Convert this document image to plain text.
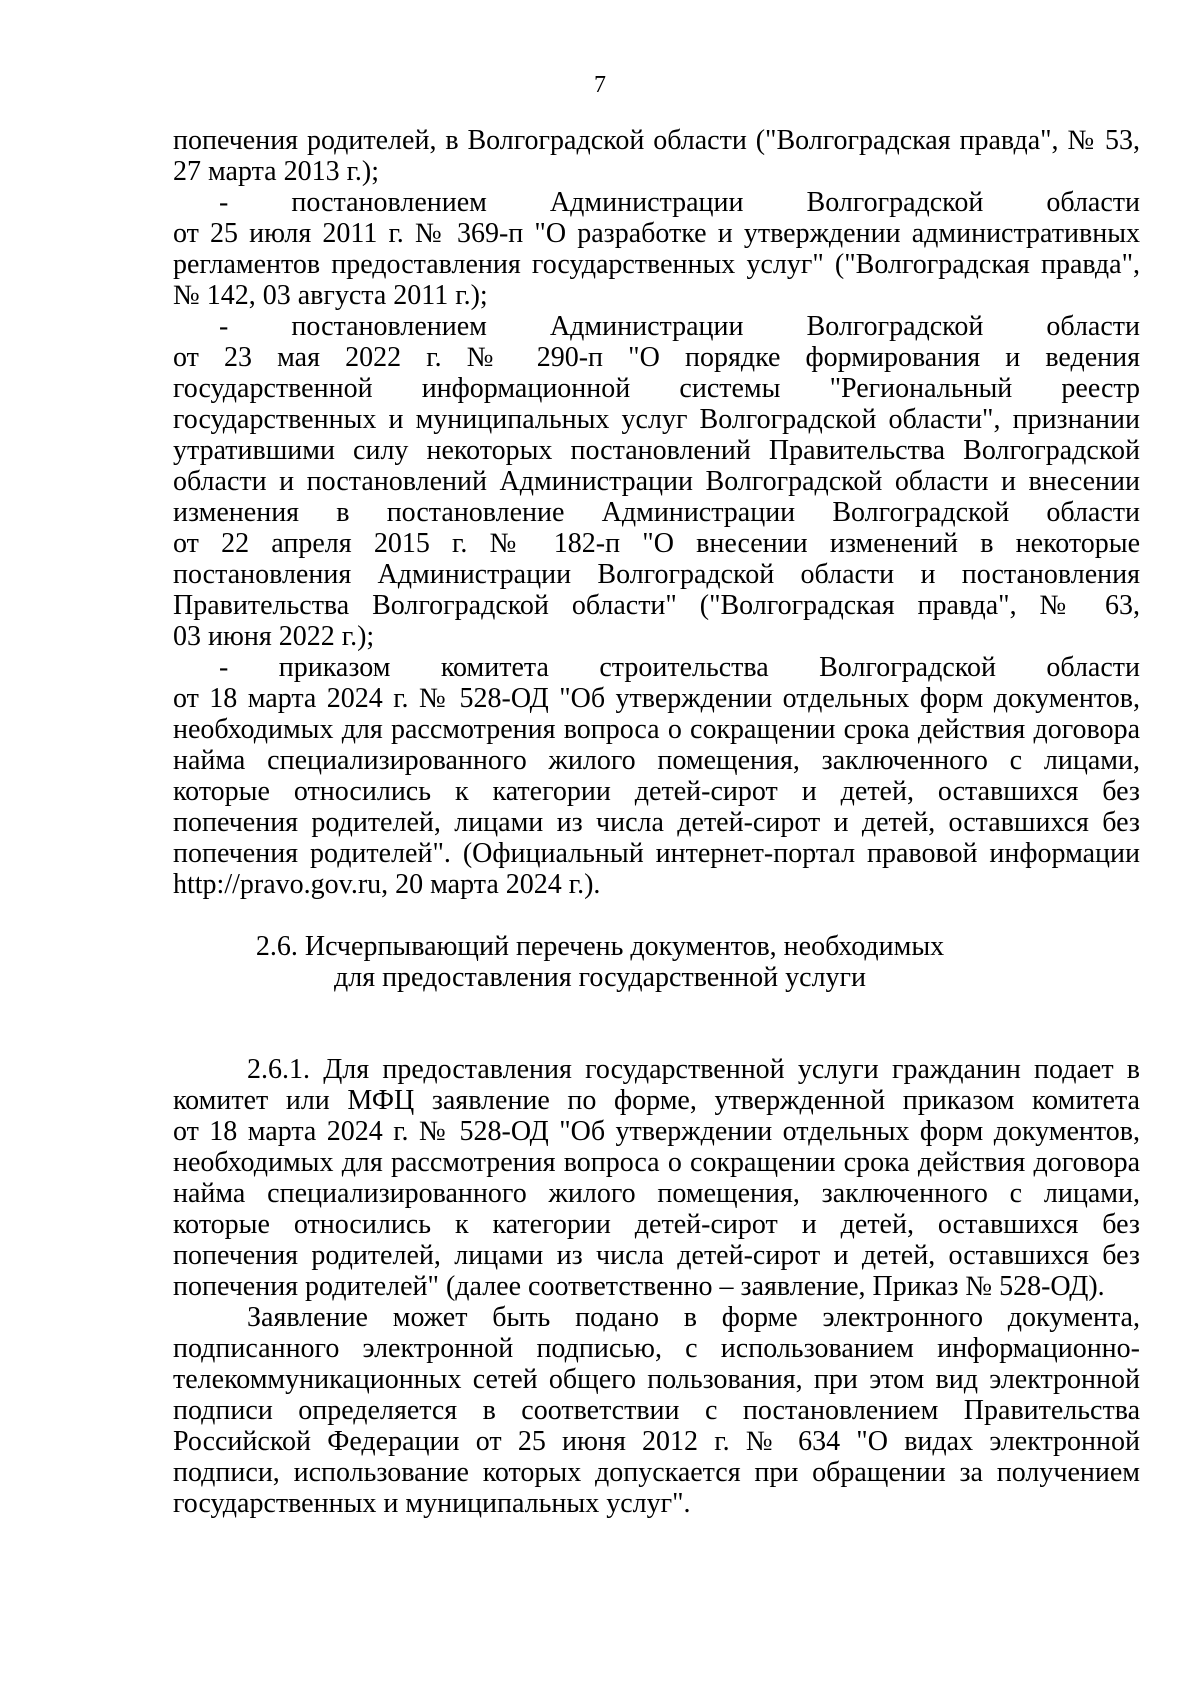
7
попечения родителей, в Волгоградской области ("Волгоградская правда", № 53,
27 марта 2013 г.);
- постановлением Администрации Волгоградской области
от 25 июля 2011 г. № 369-п "О разработке и утверждении административных
регламентов предоставления государственных услуг" ("Волгоградская правда",
№ 142, 03 августа 2011 г.);
- постановлением Администрации Волгоградской области
от 23 мая 2022 г. № 290-п "О порядке формирования и ведения
государственной информационной системы "Региональный реестр
государственных и муниципальных услуг Волгоградской области", признании
утратившими силу некоторых постановлений Правительства Волгоградской
области и постановлений Администрации Волгоградской области и внесении
изменения в постановление Администрации Волгоградской области
от 22 апреля 2015 г. № 182-п "О внесении изменений в некоторые
постановления Администрации Волгоградской области и постановления
Правительства Волгоградской области" ("Волгоградская правда", № 63,
03 июня 2022 г.);
- приказом комитета строительства Волгоградской области
от 18 марта 2024 г. № 528-ОД "Об утверждении отдельных форм документов,
необходимых для рассмотрения вопроса о сокращении срока действия договора
найма специализированного жилого помещения, заключенного с лицами,
которые относились к категории детей-сирот и детей, оставшихся без
попечения родителей, лицами из числа детей-сирот и детей, оставшихся без
попечения родителей". (Официальный интернет-портал правовой информации
http://pravo.gov.ru, 20 марта 2024 г.).
2.6. Исчерпывающий перечень документов, необходимых
для предоставления государственной услуги
2.6.1. Для предоставления государственной услуги гражданин подает в
комитет или МФЦ заявление по форме, утвержденной приказом комитета
от 18 марта 2024 г. № 528-ОД "Об утверждении отдельных форм документов,
необходимых для рассмотрения вопроса о сокращении срока действия договора
найма специализированного жилого помещения, заключенного с лицами,
которые относились к категории детей-сирот и детей, оставшихся без
попечения родителей, лицами из числа детей-сирот и детей, оставшихся без
попечения родителей" (далее соответственно – заявление, Приказ № 528-ОД).
Заявление может быть подано в форме электронного документа,
подписанного электронной подписью, с использованием информационно-
телекоммуникационных сетей общего пользования, при этом вид электронной
подписи определяется в соответствии с постановлением Правительства
Российской Федерации от 25 июня 2012 г. № 634 "О видах электронной
подписи, использование которых допускается при обращении за получением
государственных и муниципальных услуг".
